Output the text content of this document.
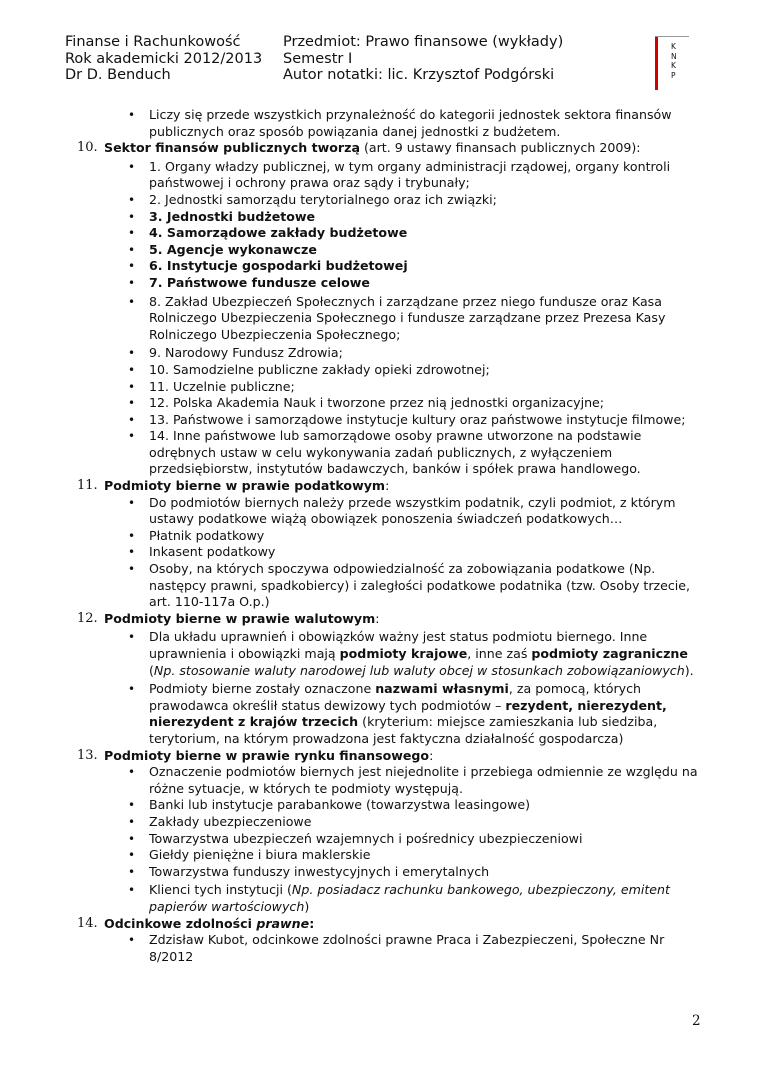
Finanse i Rachunkowość
Rok akademicki 2012/2013
Dr D. Benduch
Przedmiot: Prawo finansowe (wykłady)
Semestr I
Autor notatki: lic. Krzysztof Podgórski
K
N
K
P
• Liczy się przede wszystkich przynależność do kategorii jednostek sektora finansów publicznych oraz sposób powiązania danej jednostki z budżetem.
10. Sektor finansów publicznych tworzą (art. 9 ustawy finansach publicznych 2009):
• 1. Organy władzy publicznej, w tym organy administracji rządowej, organy kontroli państwowej i ochrony prawa oraz sądy i trybunały;
• 2. Jednostki samorządu terytorialnego oraz ich związki;
• 3. Jednostki budżetowe
• 4. Samorządowe zakłady budżetowe
• 5. Agencje wykonawcze
• 6. Instytucje gospodarki budżetowej
• 7. Państwowe fundusze celowe
• 8. Zakład Ubezpieczeń Społecznych i zarządzane przez niego fundusze oraz Kasa Rolniczego Ubezpieczenia Społecznego i fundusze zarządzane przez Prezesa Kasy Rolniczego Ubezpieczenia Społecznego;
• 9. Narodowy Fundusz Zdrowia;
• 10. Samodzielne publiczne zakłady opieki zdrowotnej;
• 11. Uczelnie publiczne;
• 12. Polska Akademia Nauk i tworzone przez nią jednostki organizacyjne;
• 13. Państwowe i samorządowe instytucje kultury oraz państwowe instytucje filmowe;
• 14. Inne państwowe lub samorządowe osoby prawne utworzone na podstawie odrębnych ustaw w celu wykonywania zadań publicznych, z wyłączeniem przedsiębiorstw, instytutów badawczych, banków i spółek prawa handlowego.
11. Podmioty bierne w prawie podatkowym:
• Do podmiotów biernych należy przede wszystkim podatnik, czyli podmiot, z którym ustawy podatkowe wiążą obowiązek ponoszenia świadczeń podatkowych…
• Płatnik podatkowy
• Inkasent podatkowy
• Osoby, na których spoczywa odpowiedzialność za zobowiązania podatkowe (Np. następcy prawni, spadkobiercy) i zaległości podatkowe podatnika (tzw. Osoby trzecie, art. 110-117a O.p.)
12. Podmioty bierne w prawie walutowym:
• Dla układu uprawnień i obowiązków ważny jest status podmiotu biernego. Inne uprawnienia i obowiązki mają podmioty krajowe, inne zaś podmioty zagraniczne (Np. stosowanie waluty narodowej lub waluty obcej w stosunkach zobowiązaniowych).
• Podmioty bierne zostały oznaczone nazwami własnymi, za pomocą, których prawodawca określił status dewizowy tych podmiotów – rezydent, nierezydent, nierezydent z krajów trzecich (kryterium: miejsce zamieszkania lub siedziba, terytorium, na którym prowadzona jest faktyczna działalność gospodarcza)
13. Podmioty bierne w prawie rynku finansowego:
• Oznaczenie podmiotów biernych jest niejednolite i przebiega odmiennie ze względu na różne sytuacje, w których te podmioty występują.
• Banki lub instytucje parabankowe (towarzystwa leasingowe)
• Zakłady ubezpieczeniowe
• Towarzystwa ubezpieczeń wzajemnych i pośrednicy ubezpieczeniowi
• Giełdy pieniężne i biura maklerskie
• Towarzystwa funduszy inwestycyjnych i emerytalnych
• Klienci tych instytucji (Np. posiadacz rachunku bankowego, ubezpieczony, emitent papierów wartościowych)
14. Odcinkowe zdolności prawne:
• Zdzisław Kubot, odcinkowe zdolności prawne Praca i Zabezpieczeni, Społeczne Nr 8/2012
2
